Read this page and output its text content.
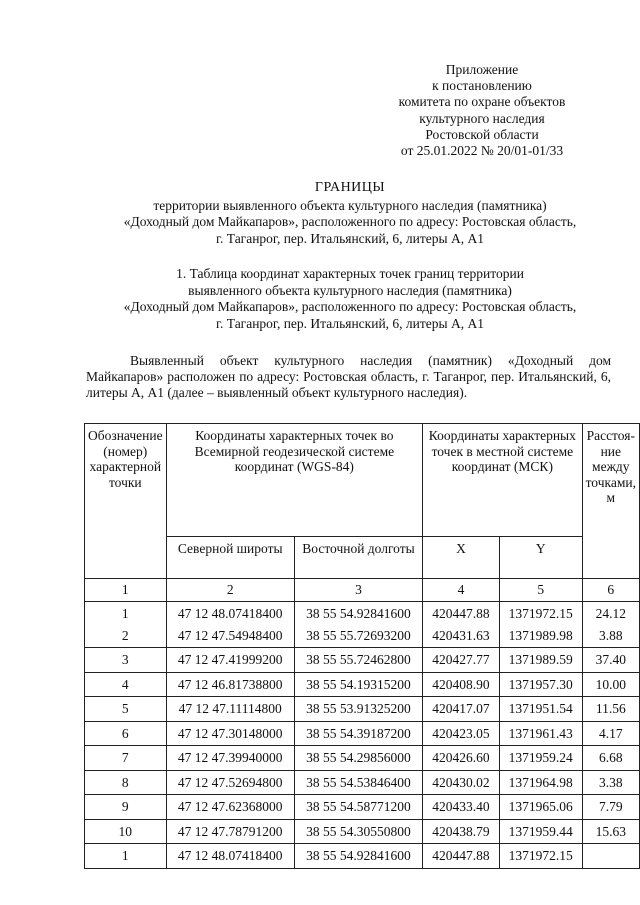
Приложение
к постановлению
комитета по охране объектов
культурного наследия
Ростовской области
от 25.01.2022 № 20/01-01/33
ГРАНИЦЫ
территории выявленного объекта культурного наследия (памятника)
«Доходный дом Майкапаров», расположенного по адресу: Ростовская область,
г. Таганрог, пер. Итальянский, 6, литеры А, А1
1. Таблица координат характерных точек границ территории
выявленного объекта культурного наследия (памятника)
«Доходный дом Майкапаров», расположенного по адресу: Ростовская область,
г. Таганрог, пер. Итальянский, 6, литеры А, А1

Выявленный объект культурного наследия (памятник) «Доходный дом Майкапаров» расположен по адресу: Ростовская область, г. Таганрог, пер. Итальянский, 6, литеры А, А1 (далее – выявленный объект культурного наследия).

Обозначение (номер) характерной точки	Координаты характерных точек во Всемирной геодезической системе координат (WGS-84)		Координаты характерных точек в местной системе координат (МСК)		Расстоя-ние между точками, м
	Северной широты	Восточной долготы	X	Y	
1	2	3	4	5	6
1	47 12 48.07418400	38 55 54.92841600	420447.88	1371972.15	24.12
2	47 12 47.54948400	38 55 55.72693200	420431.63	1371989.98	3.88
3	47 12 47.41999200	38 55 55.72462800	420427.77	1371989.59	37.40
4	47 12 46.81738800	38 55 54.19315200	420408.90	1371957.30	10.00
5	47 12 47.11114800	38 55 53.91325200	420417.07	1371951.54	11.56
6	47 12 47.30148000	38 55 54.39187200	420423.05	1371961.43	4.17
7	47 12 47.39940000	38 55 54.29856000	420426.60	1371959.24	6.68
8	47 12 47.52694800	38 55 54.53846400	420430.02	1371964.98	3.38
9	47 12 47.62368000	38 55 54.58771200	420433.40	1371965.06	7.79
10	47 12 47.78791200	38 55 54.30550800	420438.79	1371959.44	15.63
1	47 12 48.07418400	38 55 54.92841600	420447.88	1371972.15	
